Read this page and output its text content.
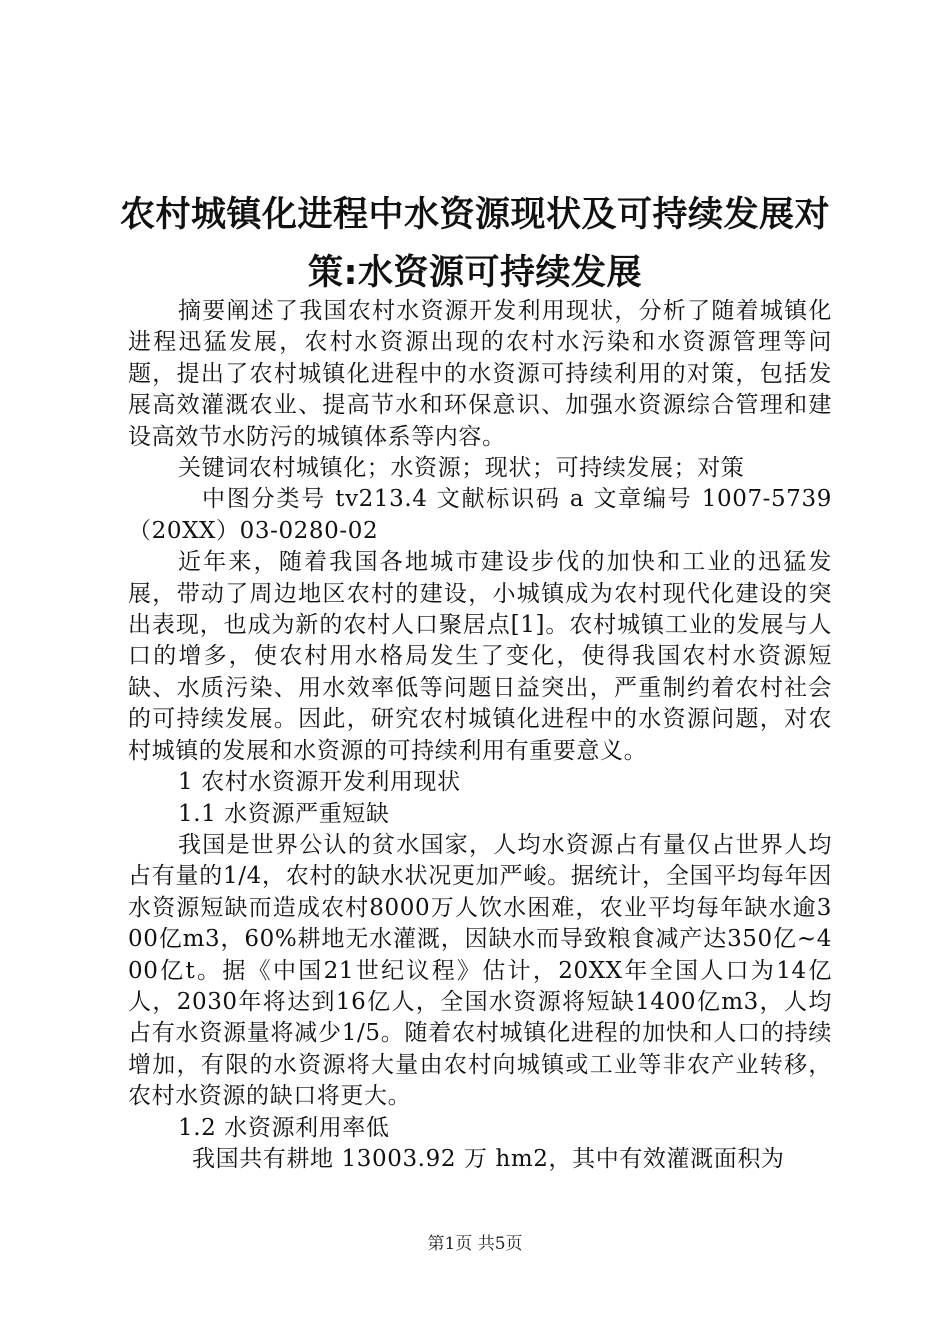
农村城镇化进程中水资源现状及可持续发展对策:水资源可持续发展

摘要阐述了我国农村水资源开发利用现状，分析了随着城镇化进程迅猛发展，农村水资源出现的农村水污染和水资源管理等问题，提出了农村城镇化进程中的水资源可持续利用的对策，包括发展高效灌溉农业、提高节水和环保意识、加强水资源综合管理和建设高效节水防污的城镇体系等内容。

关键词农村城镇化；水资源；现状；可持续发展；对策

中图分类号 tv213.4 文献标识码 a 文章编号 1007-5739（20XX）03-0280-02

近年来，随着我国各地城市建设步伐的加快和工业的迅猛发展，带动了周边地区农村的建设，小城镇成为农村现代化建设的突出表现，也成为新的农村人口聚居点[1]。农村城镇工业的发展与人口的增多，使农村用水格局发生了变化，使得我国农村水资源短缺、水质污染、用水效率低等问题日益突出，严重制约着农村社会的可持续发展。因此，研究农村城镇化进程中的水资源问题，对农村城镇的发展和水资源的可持续利用有重要意义。

1 农村水资源开发利用现状

1.1 水资源严重短缺

我国是世界公认的贫水国家，人均水资源占有量仅占世界人均占有量的1/4，农村的缺水状况更加严峻。据统计，全国平均每年因水资源短缺而造成农村8000万人饮水困难，农业平均每年缺水逾300亿m3，60%耕地无水灌溉，因缺水而导致粮食减产达350亿~400亿t。据《中国21世纪议程》估计，20XX年全国人口为14亿人，2030年将达到16亿人，全国水资源将短缺1400亿m3，人均占有水资源量将减少1/5。随着农村城镇化进程的加快和人口的持续增加，有限的水资源将大量由农村向城镇或工业等非农产业转移，农村水资源的缺口将更大。

1.2 水资源利用率低

我国共有耕地 13003.92 万 hm2，其中有效灌溉面积为

第1页 共5页
